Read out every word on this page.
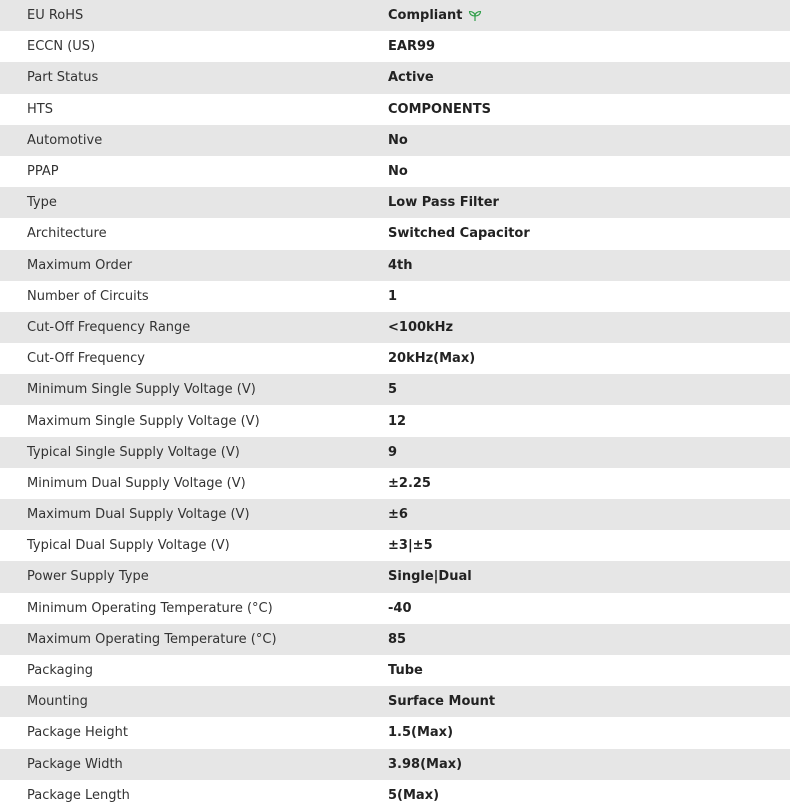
EU RoHS	Compliant
ECCN (US)	EAR99
Part Status	Active
HTS	COMPONENTS
Automotive	No
PPAP	No
Type	Low Pass Filter
Architecture	Switched Capacitor
Maximum Order	4th
Number of Circuits	1
Cut-Off Frequency Range	<100kHz
Cut-Off Frequency	20kHz(Max)
Minimum Single Supply Voltage (V)	5
Maximum Single Supply Voltage (V)	12
Typical Single Supply Voltage (V)	9
Minimum Dual Supply Voltage (V)	±2.25
Maximum Dual Supply Voltage (V)	±6
Typical Dual Supply Voltage (V)	±3|±5
Power Supply Type	Single|Dual
Minimum Operating Temperature (°C)	-40
Maximum Operating Temperature (°C)	85
Packaging	Tube
Mounting	Surface Mount
Package Height	1.5(Max)
Package Width	3.98(Max)
Package Length	5(Max)
